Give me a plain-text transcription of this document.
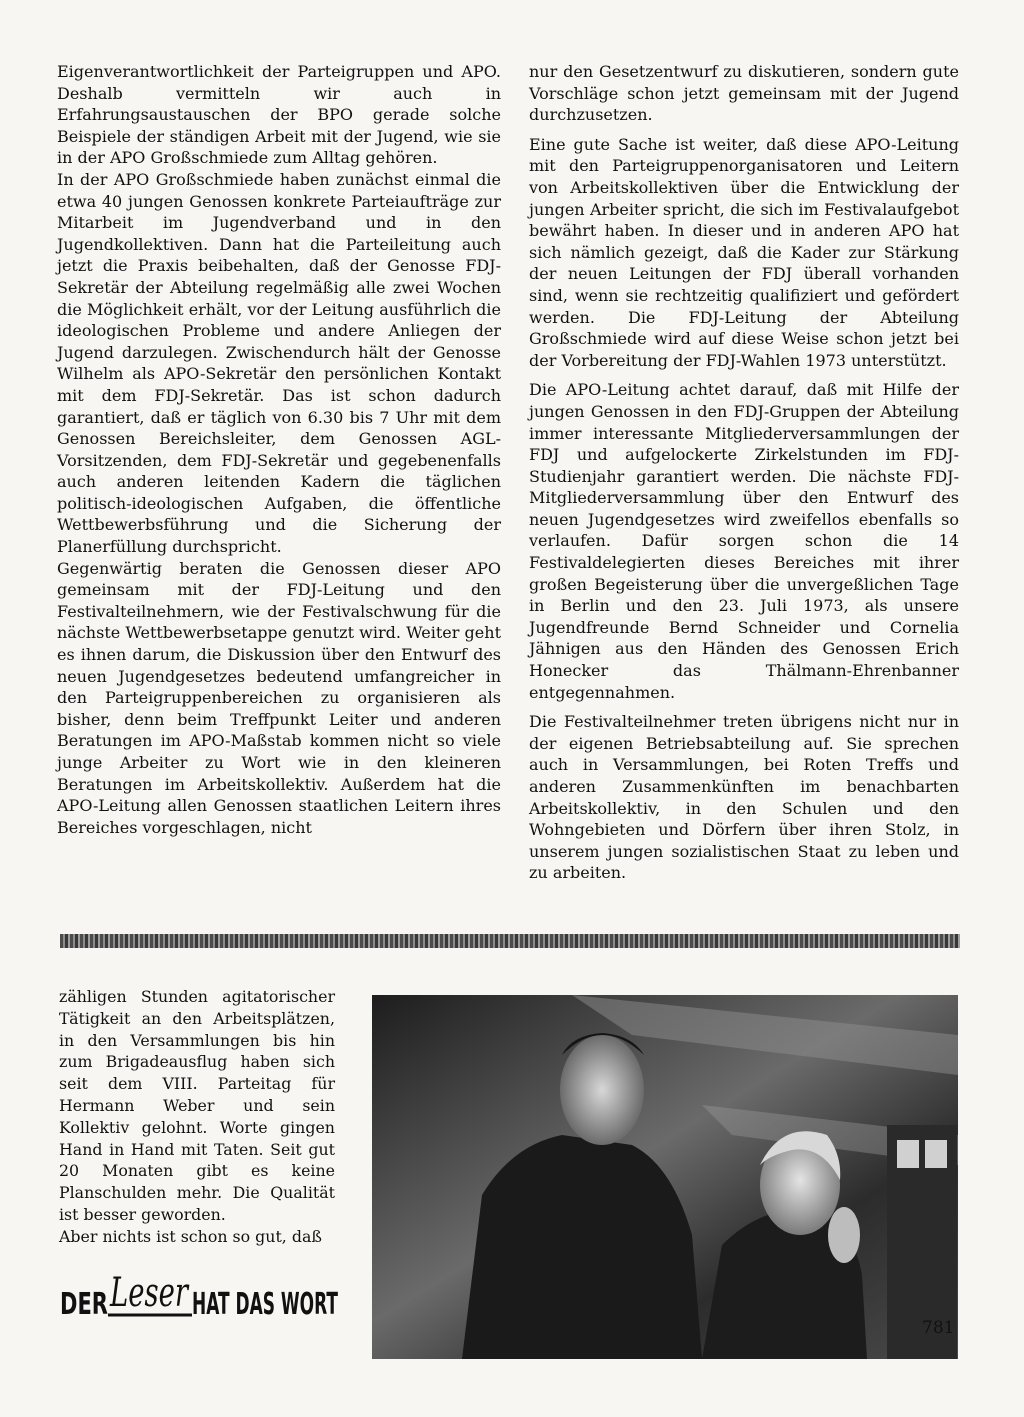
Eigenverantwortlichkeit der Parteigruppen und APO. Deshalb vermitteln wir auch in Erfahrungsaustauschen der BPO gerade solche Beispiele der ständigen Arbeit mit der Jugend, wie sie in der APO Großschmiede zum Alltag gehören.

In der APO Großschmiede haben zunächst einmal die etwa 40 jungen Genossen konkrete Parteiaufträge zur Mitarbeit im Jugendverband und in den Jugendkollektiven. Dann hat die Parteileitung auch jetzt die Praxis beibehalten, daß der Genosse FDJ-Sekretär der Abteilung regelmäßig alle zwei Wochen die Möglichkeit erhält, vor der Leitung ausführlich die ideologischen Probleme und andere Anliegen der Jugend darzulegen. Zwischendurch hält der Genosse Wilhelm als APO-Sekretär den persönlichen Kontakt mit dem FDJ-Sekretär. Das ist schon dadurch garantiert, daß er täglich von 6.30 bis 7 Uhr mit dem Genossen Bereichsleiter, dem Genossen AGL-Vorsitzenden, dem FDJ-Sekretär und gegebenenfalls auch anderen leitenden Kadern die täglichen politisch-ideologischen Aufgaben, die öffentliche Wettbewerbsführung und die Sicherung der Planerfüllung durchspricht.

Gegenwärtig beraten die Genossen dieser APO gemeinsam mit der FDJ-Leitung und den Festivalteilnehmern, wie der Festivalschwung für die nächste Wettbewerbsetappe genutzt wird. Weiter geht es ihnen darum, die Diskussion über den Entwurf des neuen Jugendgesetzes bedeutend umfangreicher in den Parteigruppenbereichen zu organisieren als bisher, denn beim Treffpunkt Leiter und anderen Beratungen im APO-Maßstab kommen nicht so viele junge Arbeiter zu Wort wie in den kleineren Beratungen im Arbeitskollektiv. Außerdem hat die APO-Leitung allen Genossen staatlichen Leitern ihres Bereiches vorgeschlagen, nicht

nur den Gesetzentwurf zu diskutieren, sondern gute Vorschläge schon jetzt gemeinsam mit der Jugend durchzusetzen.

Eine gute Sache ist weiter, daß diese APO-Leitung mit den Parteigruppenorganisatoren und Leitern von Arbeitskollektiven über die Entwicklung der jungen Arbeiter spricht, die sich im Festivalaufgebot bewährt haben. In dieser und in anderen APO hat sich nämlich gezeigt, daß die Kader zur Stärkung der neuen Leitungen der FDJ überall vorhanden sind, wenn sie rechtzeitig qualifiziert und gefördert werden. Die FDJ-Leitung der Abteilung Großschmiede wird auf diese Weise schon jetzt bei der Vorbereitung der FDJ-Wahlen 1973 unterstützt.

Die APO-Leitung achtet darauf, daß mit Hilfe der jungen Genossen in den FDJ-Gruppen der Abteilung immer interessante Mitgliederversammlungen der FDJ und aufgelockerte Zirkelstunden im FDJ-Studienjahr garantiert werden. Die nächste FDJ-Mitgliederversammlung über den Entwurf des neuen Jugendgesetzes wird zweifellos ebenfalls so verlaufen. Dafür sorgen schon die 14 Festivaldelegierten dieses Bereiches mit ihrer großen Begeisterung über die unvergeßlichen Tage in Berlin und den 23. Juli 1973, als unsere Jugendfreunde Bernd Schneider und Cornelia Jähnigen aus den Händen des Genossen Erich Honecker das Thälmann-Ehrenbanner entgegennahmen.

Die Festivalteilnehmer treten übrigens nicht nur in der eigenen Betriebsabteilung auf. Sie sprechen auch in Versammlungen, bei Roten Treffs und anderen Zusammenkünften im benachbarten Arbeitskollektiv, in den Schulen und den Wohngebieten und Dörfern über ihren Stolz, in unserem jungen sozialistischen Staat zu leben und zu arbeiten.

zähligen Stunden agitatorischer Tätigkeit an den Arbeitsplätzen, in den Versammlungen bis hin zum Brigadeausflug haben sich seit dem VIII. Parteitag für Hermann Weber und sein Kollektiv gelohnt. Worte gingen Hand in Hand mit Taten. Seit gut 20 Monaten gibt es keine Planschulden mehr. Die Qualität ist besser geworden.

Aber nichts ist schon so gut, daß

DER Leser HAT DAS WORT
781
